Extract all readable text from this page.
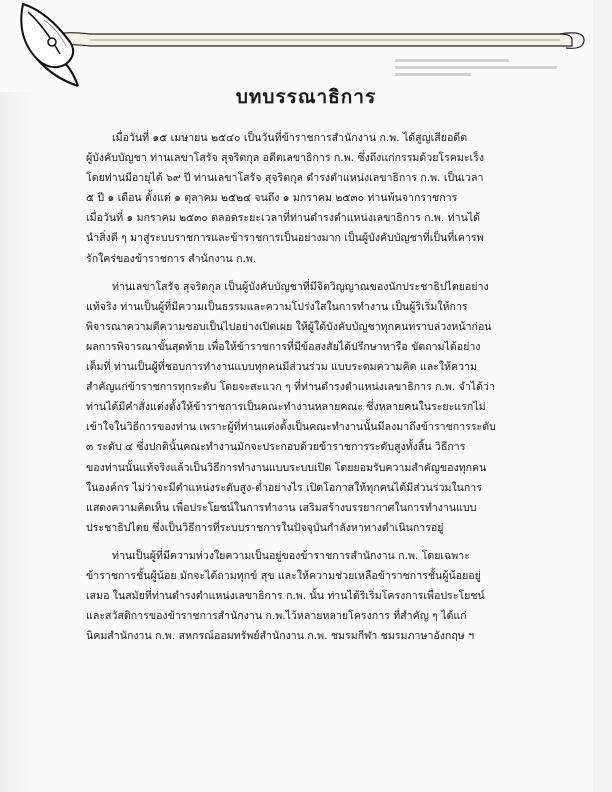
บทบรรณาธิการ
เมื่อวันที่ ๑๕ เมษายน ๒๕๔๐ เป็นวันที่ข้าราชการสำนักงาน ก.พ. ได้สูญเสียอดีต
ผู้บังคับบัญชา ท่านเลขาโสรัจ สุจริตกุล อดีตเลขาธิการ ก.พ. ซึ่งถึงแก่กรรมด้วยโรคมะเร็ง
โดยท่านมีอายุได้ ๖๙ ปี ท่านเลขาโสรัจ สุจริตกุล ดำรงตำแหน่งเลขาธิการ ก.พ. เป็นเวลา
๕ ปี ๑ เดือน ตั้งแต่ ๑ ตุลาคม ๒๕๒๔ จนถึง ๑ มกราคม ๒๕๓๐ ท่านพ้นจากราชการ
เมื่อวันที่ ๑ มกราคม ๒๕๓๐ ตลอดระยะเวลาที่ท่านดำรงตำแหน่งเลขาธิการ ก.พ. ท่านได้
นำสิ่งดี ๆ มาสู่ระบบราชการและข้าราชการเป็นอย่างมาก เป็นผู้บังคับบัญชาที่เป็นที่เคารพ
รักใคร่ของข้าราชการ สำนักงาน ก.พ.
ท่านเลขาโสรัจ สุจริตกุล เป็นผู้บังคับบัญชาที่มีจิตวิญญาณของนักประชาธิปไตยอย่าง
แท้จริง ท่านเป็นผู้ที่มีความเป็นธรรมและความโปร่งใสในการทำงาน เป็นผู้ริเริ่มให้การ
พิจารณาความดีความชอบเป็นไปอย่างเปิดเผย ให้ผู้ใต้บังคับบัญชาทุกคนทราบล่วงหน้าก่อน
ผลการพิจารณาขั้นสุดท้าย เพื่อให้ข้าราชการที่มีข้อสงสัยได้ปรึกษาหารือ ขัดถามได้อย่าง
เต็มที่ ท่านเป็นผู้ที่ชอบการทำงานแบบทุกคนมีส่วนร่วม แบบระดมความคิด และให้ความ
สำคัญแก่ข้าราชการทุกระดับ โดยจะสะแวก ๆ ที่ท่านดำรงตำแหน่งเลขาธิการ ก.พ. จำได้ว่า
ท่านได้มีคำสั่งแต่งตั้งให้ข้าราชการเป็นคณะทำงานหลายคณะ ซึ่งหลายคนในระยะแรกไม่
เข้าใจในวิธีการของท่าน เพราะผู้ที่ท่านแต่งตั้งเป็นคณะทำงานนั้นมีลงมาถึงข้าราชการระดับ
๓ ระดับ ๔ ซึ่งปกตินั้นคณะทำงานมักจะประกอบด้วยข้าราชการระดับสูงทั้งสิ้น วิธีการ
ของท่านนั้นแท้จริงแล้วเป็นวิธีการทำงานแบบระบบเปิด โดยยอมรับความสำคัญของทุกคน
ในองค์กร ไม่ว่าจะมีตำแหน่งระดับสูง-ต่ำอย่างไร เปิดโอกาสให้ทุกคนได้มีส่วนร่วมในการ
แสดงความคิดเห็น เพื่อประโยชน์ในการทำงาน เสริมสร้างบรรยากาศในการทำงานแบบ
ประชาธิปไตย ซึ่งเป็นวิธีการที่ระบบราชการในปัจจุบันกำลังหาทางดำเนินการอยู่
ท่านเป็นผู้ที่มีความห่วงใยความเป็นอยู่ของข้าราชการสำนักงาน ก.พ. โดยเฉพาะ
ข้าราชการชั้นผู้น้อย มักจะได้ถามทุกข์ สุข และให้ความช่วยเหลือข้าราชการชั้นผู้น้อยอยู่
เสมอ ในสมัยที่ท่านดำรงตำแหน่งเลขาธิการ ก.พ. นั้น ท่านได้ริเริ่มโครงการเพื่อประโยชน์
และสวัสดิการของข้าราชการสำนักงาน ก.พ.ไว้หลายหลายโครงการ ที่สำคัญ ๆ ได้แก่
นิคมสำนักงาน ก.พ. สหกรณ์ออมทรัพย์สำนักงาน ก.พ. ชมรมกีฬา ชมรมภาษาอังกฤษ ฯ
